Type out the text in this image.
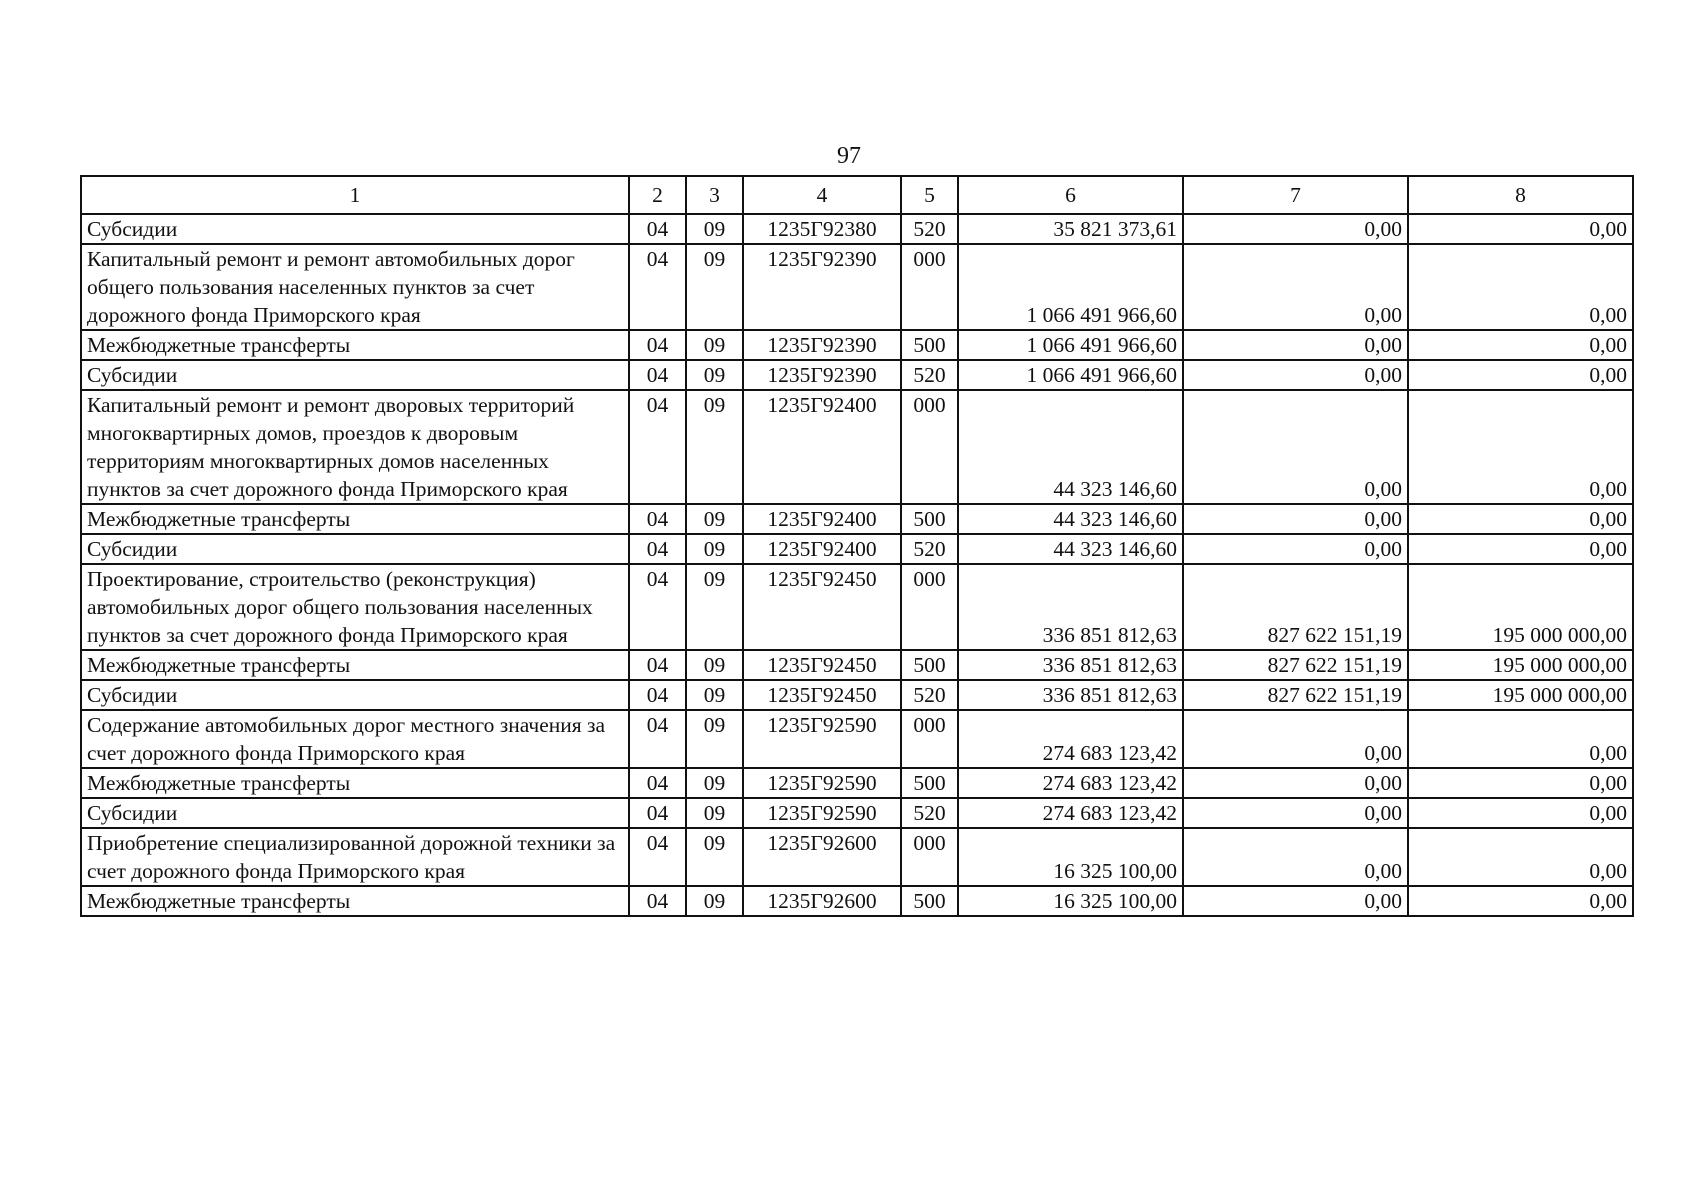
97
1	2	3	4	5	6	7	8
Субсидии	04	09	1235Г92380	520	35 821 373,61	0,00	0,00
Капитальный ремонт и ремонт автомобильных дорог общего пользования населенных пунктов за счет дорожного фонда Приморского края	04	09	1235Г92390	000	1 066 491 966,60	0,00	0,00
Межбюджетные трансферты	04	09	1235Г92390	500	1 066 491 966,60	0,00	0,00
Субсидии	04	09	1235Г92390	520	1 066 491 966,60	0,00	0,00
Капитальный ремонт и ремонт дворовых территорий многоквартирных домов, проездов к дворовым территориям многоквартирных домов населенных пунктов за счет дорожного фонда Приморского края	04	09	1235Г92400	000	44 323 146,60	0,00	0,00
Межбюджетные трансферты	04	09	1235Г92400	500	44 323 146,60	0,00	0,00
Субсидии	04	09	1235Г92400	520	44 323 146,60	0,00	0,00
Проектирование, строительство (реконструкция) автомобильных дорог общего пользования населенных пунктов за счет дорожного фонда Приморского края	04	09	1235Г92450	000	336 851 812,63	827 622 151,19	195 000 000,00
Межбюджетные трансферты	04	09	1235Г92450	500	336 851 812,63	827 622 151,19	195 000 000,00
Субсидии	04	09	1235Г92450	520	336 851 812,63	827 622 151,19	195 000 000,00
Содержание автомобильных дорог местного значения за счет дорожного фонда Приморского края	04	09	1235Г92590	000	274 683 123,42	0,00	0,00
Межбюджетные трансферты	04	09	1235Г92590	500	274 683 123,42	0,00	0,00
Субсидии	04	09	1235Г92590	520	274 683 123,42	0,00	0,00
Приобретение специализированной дорожной техники за счет дорожного фонда Приморского края	04	09	1235Г92600	000	16 325 100,00	0,00	0,00
Межбюджетные трансферты	04	09	1235Г92600	500	16 325 100,00	0,00	0,00
